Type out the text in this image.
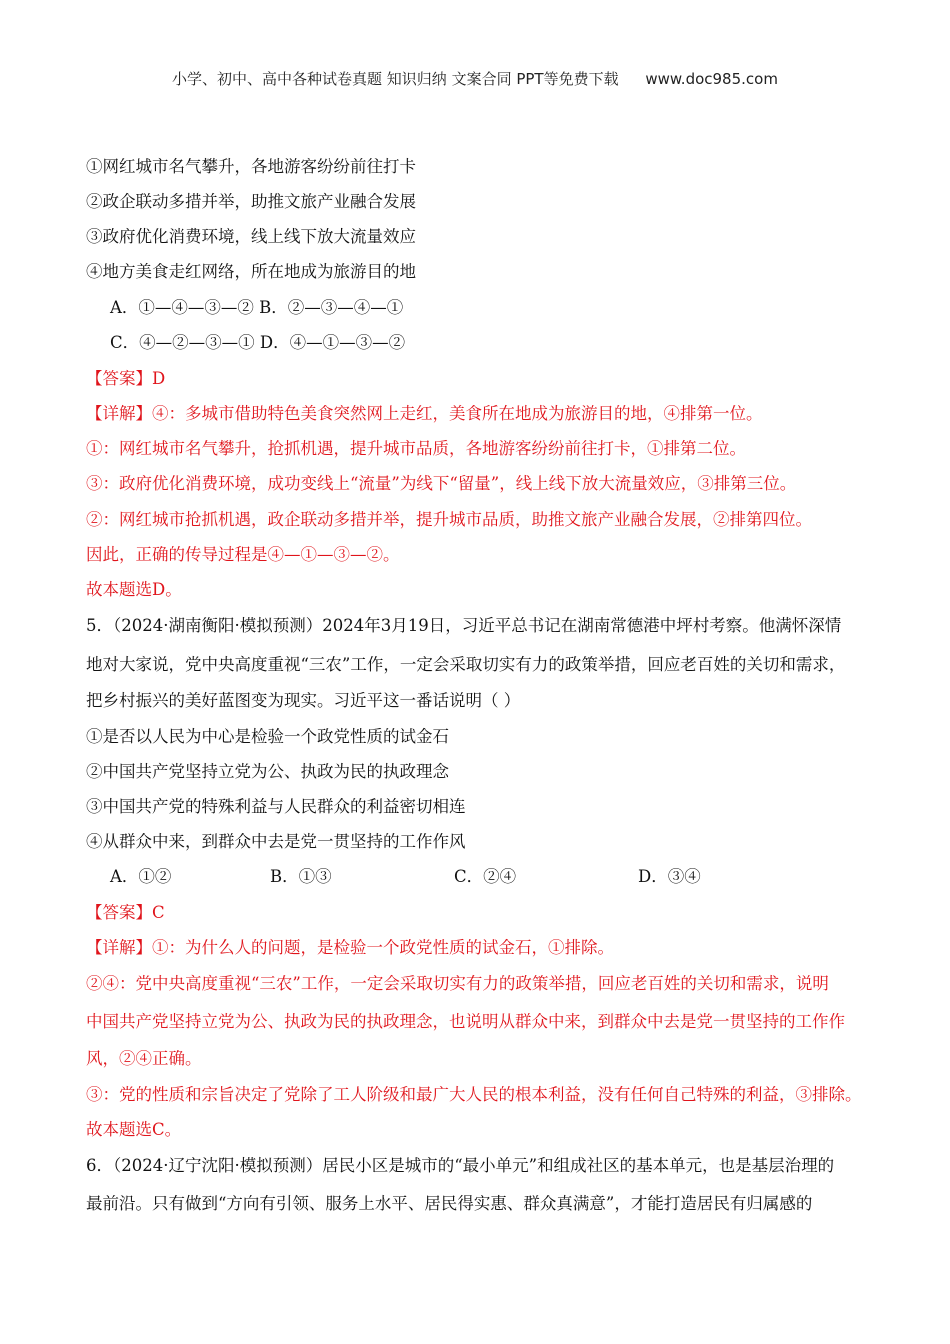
小学、初中、高中各种试卷真题 知识归纳 文案合同 PPT等免费下载 www.doc985.com
①网红城市名气攀升，各地游客纷纷前往打卡
②政企联动多措并举，助推文旅产业融合发展
③政府优化消费环境，线上线下放大流量效应
④地方美食走红网络，所在地成为旅游目的地
A．①—④—③—② B．②—③—④—①
C．④—②—③—① D．④—①—③—②
【答案】D
【详解】④：多城市借助特色美食突然网上走红，美食所在地成为旅游目的地，④排第一位。
①：网红城市名气攀升，抢抓机遇，提升城市品质，各地游客纷纷前往打卡，①排第二位。
③：政府优化消费环境，成功变线上“流量”为线下“留量”，线上线下放大流量效应，③排第三位。
②：网红城市抢抓机遇，政企联动多措并举，提升城市品质，助推文旅产业融合发展，②排第四位。
因此，正确的传导过程是④—①—③—②。
故本题选D。
5．（2024·湖南衡阳·模拟预测）2024年3月19日，习近平总书记在湖南常德港中坪村考察。他满怀深情
地对大家说，党中央高度重视“三农”工作，一定会采取切实有力的政策举措，回应老百姓的关切和需求，
把乡村振兴的美好蓝图变为现实。习近平这一番话说明（ ）
①是否以人民为中心是检验一个政党性质的试金石
②中国共产党坚持立党为公、执政为民的执政理念
③中国共产党的特殊利益与人民群众的利益密切相连
④从群众中来，到群众中去是党一贯坚持的工作作风
A．①②	B．①③	C．②④	D．③④
【答案】C
【详解】①：为什么人的问题，是检验一个政党性质的试金石，①排除。
②④：党中央高度重视“三农”工作，一定会采取切实有力的政策举措，回应老百姓的关切和需求，说明
中国共产党坚持立党为公、执政为民的执政理念，也说明从群众中来，到群众中去是党一贯坚持的工作作
风，②④正确。
③：党的性质和宗旨决定了党除了工人阶级和最广大人民的根本利益，没有任何自己特殊的利益，③排除。
故本题选C。
6．（2024·辽宁沈阳·模拟预测）居民小区是城市的“最小单元”和组成社区的基本单元，也是基层治理的
最前沿。只有做到“方向有引领、服务上水平、居民得实惠、群众真满意”，才能打造居民有归属感的
